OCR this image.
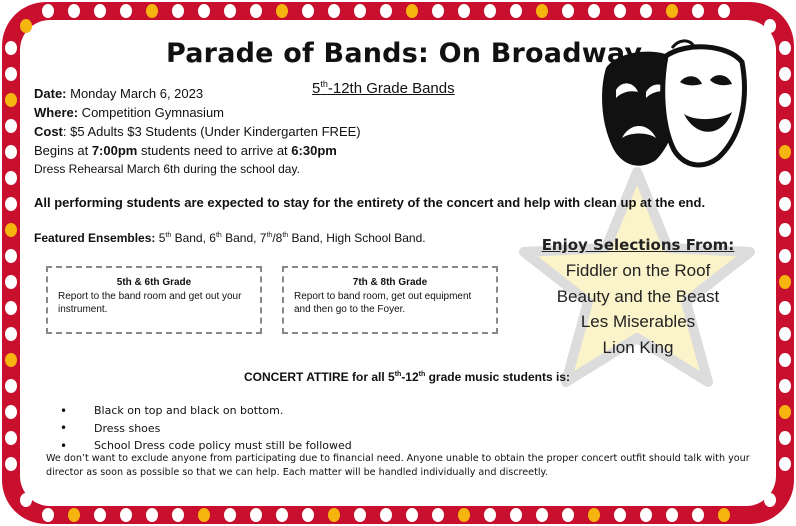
Parade of Bands: On Broadway
5th-12th Grade Bands
Date: Monday March 6, 2023
Where: Competition Gymnasium
Cost: $5 Adults $3 Students (Under Kindergarten FREE)
Begins at 7:00pm students need to arrive at 6:30pm
Dress Rehearsal March 6th during the school day.
All performing students are expected to stay for the entirety of the concert and help with clean up at the end.
Featured Ensembles: 5th Band, 6th Band, 7th/8th Band, High School Band.
5th & 6th Grade
Report to the band room and get out your instrument.
7th & 8th Grade
Report to band room, get out equipment and then go to the Foyer.
Enjoy Selections From:
Fiddler on the Roof
Beauty and the Beast
Les Miserables
Lion King
CONCERT ATTIRE for all 5th-12th grade music students is:
•	Black on top and black on bottom.
•	Dress shoes
•	School Dress code policy must still be followed
We don’t want to exclude anyone from participating due to financial need. Anyone unable to obtain the proper concert outfit should talk with your director as soon as possible so that we can help. Each matter will be handled individually and discreetly.
